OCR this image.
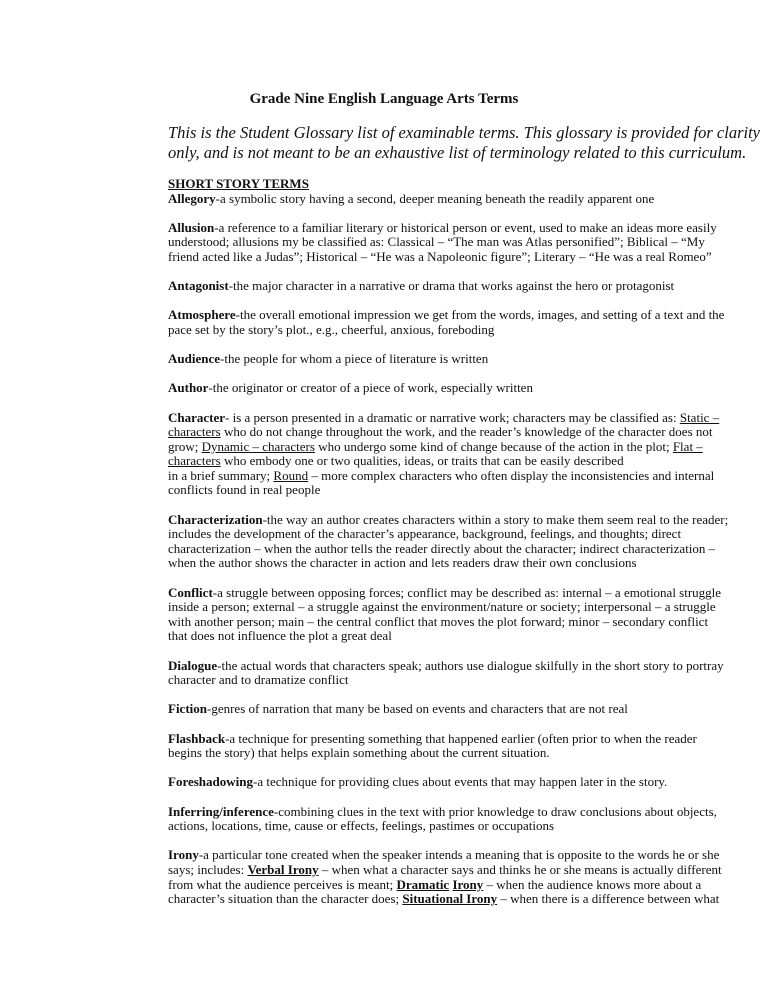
Grade Nine English Language Arts Terms
This is the Student Glossary list of examinable terms. This glossary is provided for clarity
only, and is not meant to be an exhaustive list of terminology related to this curriculum.
SHORT STORY TERMS
Allegory-a symbolic story having a second, deeper meaning beneath the readily apparent one
Allusion-a reference to a familiar literary or historical person or event, used to make an ideas more easily
understood; allusions my be classified as: Classical – “The man was Atlas personified”; Biblical – “My
friend acted like a Judas”; Historical – “He was a Napoleonic figure”; Literary – “He was a real Romeo”
Antagonist-the major character in a narrative or drama that works against the hero or protagonist
Atmosphere-the overall emotional impression we get from the words, images, and setting of a text and the
pace set by the story’s plot., e.g., cheerful, anxious, foreboding
Audience-the people for whom a piece of literature is written
Author-the originator or creator of a piece of work, especially written
Character- is a person presented in a dramatic or narrative work; characters may be classified as: Static –
characters who do not change throughout the work, and the reader’s knowledge of the character does not
grow; Dynamic – characters who undergo some kind of change because of the action in the plot; Flat –
characters who embody one or two qualities, ideas, or traits that can be easily described
in a brief summary; Round – more complex characters who often display the inconsistencies and internal
conflicts found in real people
Characterization-the way an author creates characters within a story to make them seem real to the reader;
includes the development of the character’s appearance, background, feelings, and thoughts; direct
characterization – when the author tells the reader directly about the character; indirect characterization –
when the author shows the character in action and lets readers draw their own conclusions
Conflict-a struggle between opposing forces; conflict may be described as: internal – a emotional struggle
inside a person; external – a struggle against the environment/nature or society; interpersonal – a struggle
with another person; main – the central conflict that moves the plot forward; minor – secondary conflict
that does not influence the plot a great deal
Dialogue-the actual words that characters speak; authors use dialogue skilfully in the short story to portray
character and to dramatize conflict
Fiction-genres of narration that many be based on events and characters that are not real
Flashback-a technique for presenting something that happened earlier (often prior to when the reader
begins the story) that helps explain something about the current situation.
Foreshadowing-a technique for providing clues about events that may happen later in the story.
Inferring/inference-combining clues in the text with prior knowledge to draw conclusions about objects,
actions, locations, time, cause or effects, feelings, pastimes or occupations
Irony-a particular tone created when the speaker intends a meaning that is opposite to the words he or she
says; includes: Verbal Irony – when what a character says and thinks he or she means is actually different
from what the audience perceives is meant; Dramatic Irony – when the audience knows more about a
character’s situation than the character does; Situational Irony – when there is a difference between what
